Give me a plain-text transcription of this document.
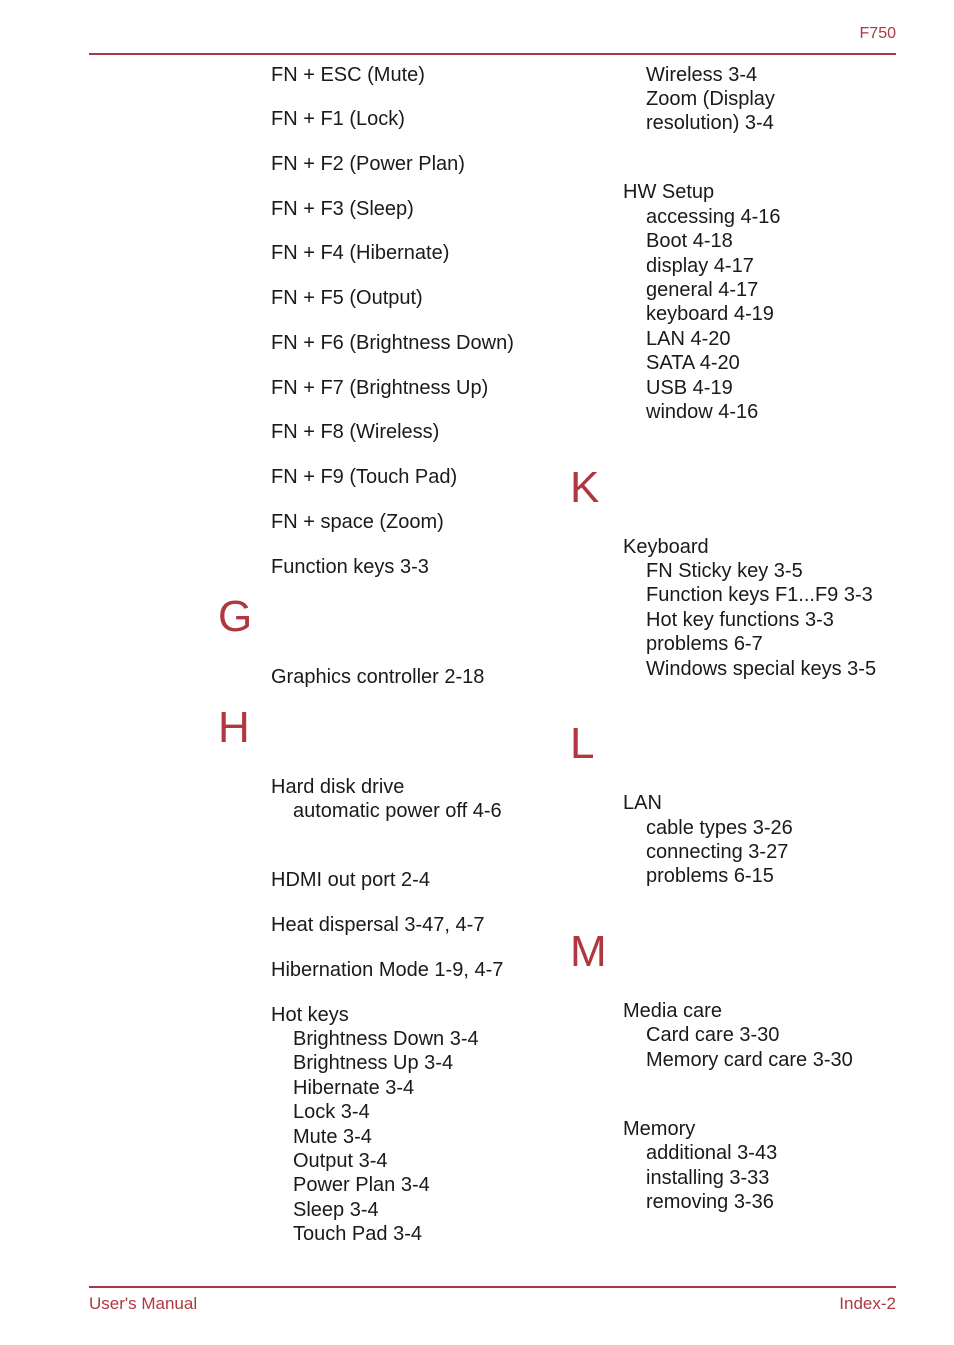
F750
FN + ESC (Mute)
FN + F1 (Lock)
FN + F2 (Power Plan)
FN + F3 (Sleep)
FN + F4 (Hibernate)
FN + F5 (Output)
FN + F6 (Brightness Down)
FN + F7 (Brightness Up)
FN + F8 (Wireless)
FN + F9 (Touch Pad)
FN + space (Zoom)
Function keys 3-3
G
Graphics controller 2-18
H
Hard disk drive
automatic power off 4-6
HDMI out port 2-4
Heat dispersal 3-47, 4-7
Hibernation Mode 1-9, 4-7
Hot keys
Brightness Down 3-4
Brightness Up 3-4
Hibernate 3-4
Lock 3-4
Mute 3-4
Output 3-4
Power Plan 3-4
Sleep 3-4
Touch Pad 3-4
Wireless 3-4
Zoom (Display
resolution) 3-4
HW Setup
accessing 4-16
Boot 4-18
display 4-17
general 4-17
keyboard 4-19
LAN 4-20
SATA 4-20
USB 4-19
window 4-16
K
Keyboard
FN Sticky key 3-5
Function keys F1...F9 3-3
Hot key functions 3-3
problems 6-7
Windows special keys 3-5
L
LAN
cable types 3-26
connecting 3-27
problems 6-15
M
Media care
Card care 3-30
Memory card care 3-30
Memory
additional 3-43
installing 3-33
removing 3-36
User's Manual	Index-2
